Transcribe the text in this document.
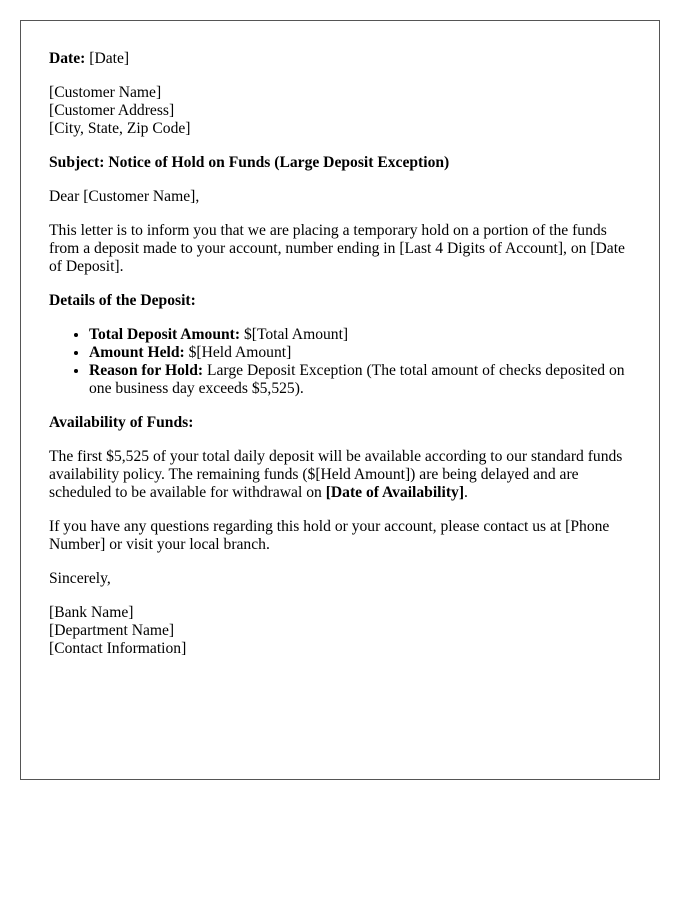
Date: [Date]

[Customer Name]
[Customer Address]
[City, State, Zip Code]

Subject: Notice of Hold on Funds (Large Deposit Exception)

Dear [Customer Name],

This letter is to inform you that we are placing a temporary hold on a portion of the funds from a deposit made to your account, number ending in [Last 4 Digits of Account], on [Date of Deposit].

Details of the Deposit:

• Total Deposit Amount: $[Total Amount]
• Amount Held: $[Held Amount]
• Reason for Hold: Large Deposit Exception (The total amount of checks deposited on one business day exceeds $5,525).

Availability of Funds:

The first $5,525 of your total daily deposit will be available according to our standard funds availability policy. The remaining funds ($[Held Amount]) are being delayed and are scheduled to be available for withdrawal on [Date of Availability].

If you have any questions regarding this hold or your account, please contact us at [Phone Number] or visit your local branch.

Sincerely,

[Bank Name]
[Department Name]
[Contact Information]
